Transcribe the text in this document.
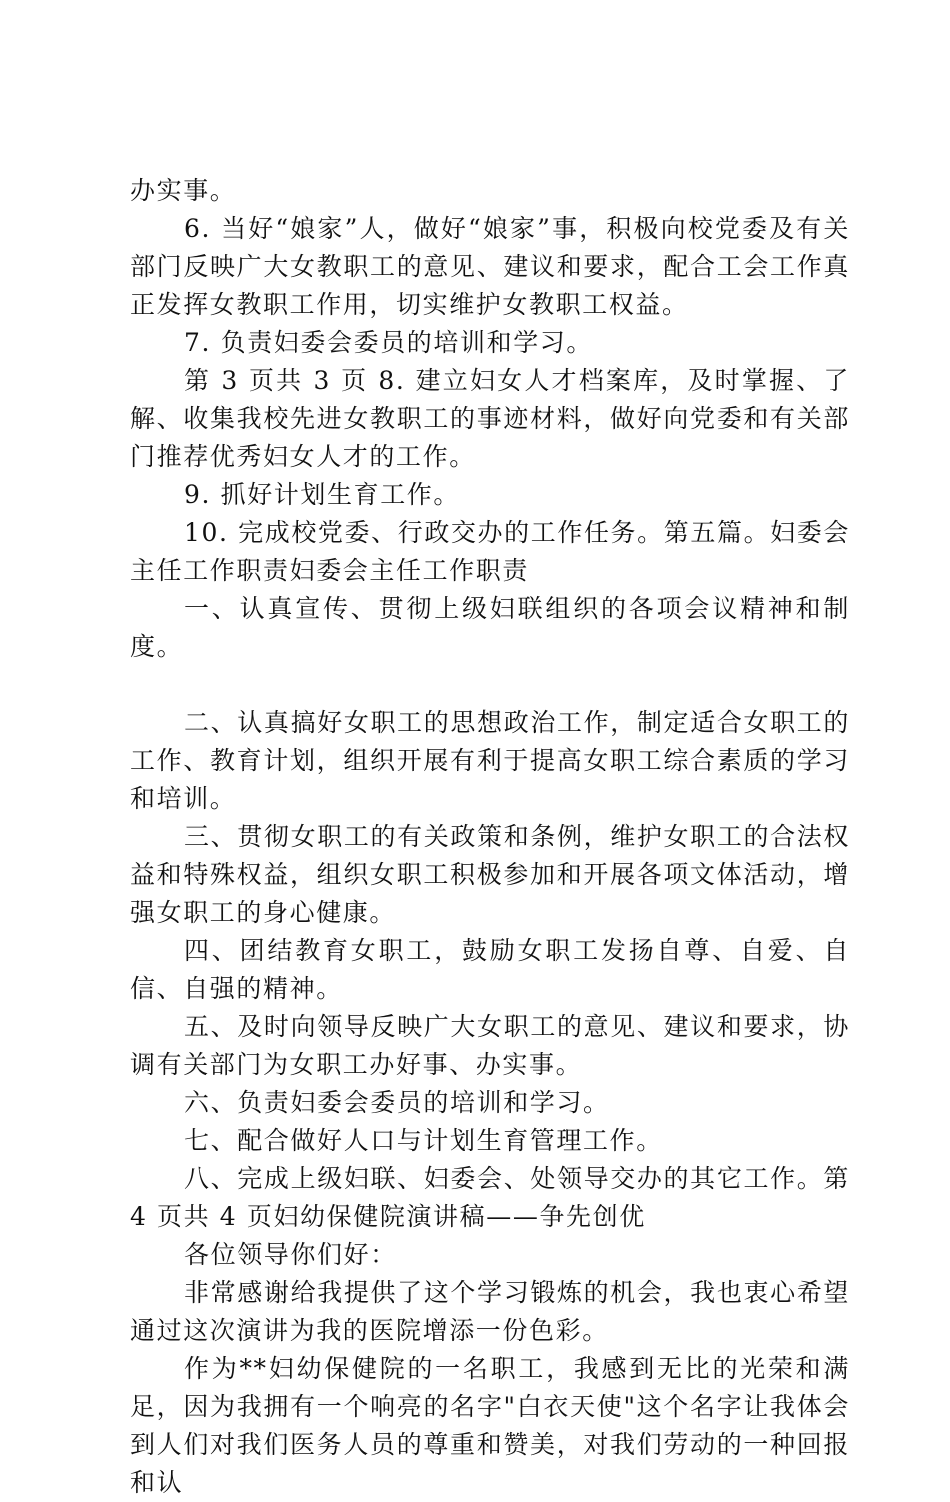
办实事。

6. 当好“娘家”人，做好“娘家”事，积极向校党委及有关部门反映广大女教职工的意见、建议和要求，配合工会工作真正发挥女教职工作用，切实维护女教职工权益。

7. 负责妇委会委员的培训和学习。

第 3 页共 3 页 8. 建立妇女人才档案库，及时掌握、了解、收集我校先进女教职工的事迹材料，做好向党委和有关部门推荐优秀妇女人才的工作。

9. 抓好计划生育工作。

10. 完成校党委、行政交办的工作任务。第五篇。妇委会主任工作职责妇委会主任工作职责

一、认真宣传、贯彻上级妇联组织的各项会议精神和制度。

二、认真搞好女职工的思想政治工作，制定适合女职工的工作、教育计划，组织开展有利于提高女职工综合素质的学习和培训。

三、贯彻女职工的有关政策和条例，维护女职工的合法权益和特殊权益，组织女职工积极参加和开展各项文体活动，增强女职工的身心健康。

四、团结教育女职工，鼓励女职工发扬自尊、自爱、自信、自强的精神。

五、及时向领导反映广大女职工的意见、建议和要求，协调有关部门为女职工办好事、办实事。

六、负责妇委会委员的培训和学习。

七、配合做好人口与计划生育管理工作。

八、完成上级妇联、妇委会、处领导交办的其它工作。第 4 页共 4 页妇幼保健院演讲稿——争先创优

各位领导你们好：

非常感谢给我提供了这个学习锻炼的机会，我也衷心希望通过这次演讲为我的医院增添一份色彩。

作为**妇幼保健院的一名职工，我感到无比的光荣和满足，因为我拥有一个响亮的名字"白衣天使"这个名字让我体会到人们对我们医务人员的尊重和赞美，对我们劳动的一种回报和认
